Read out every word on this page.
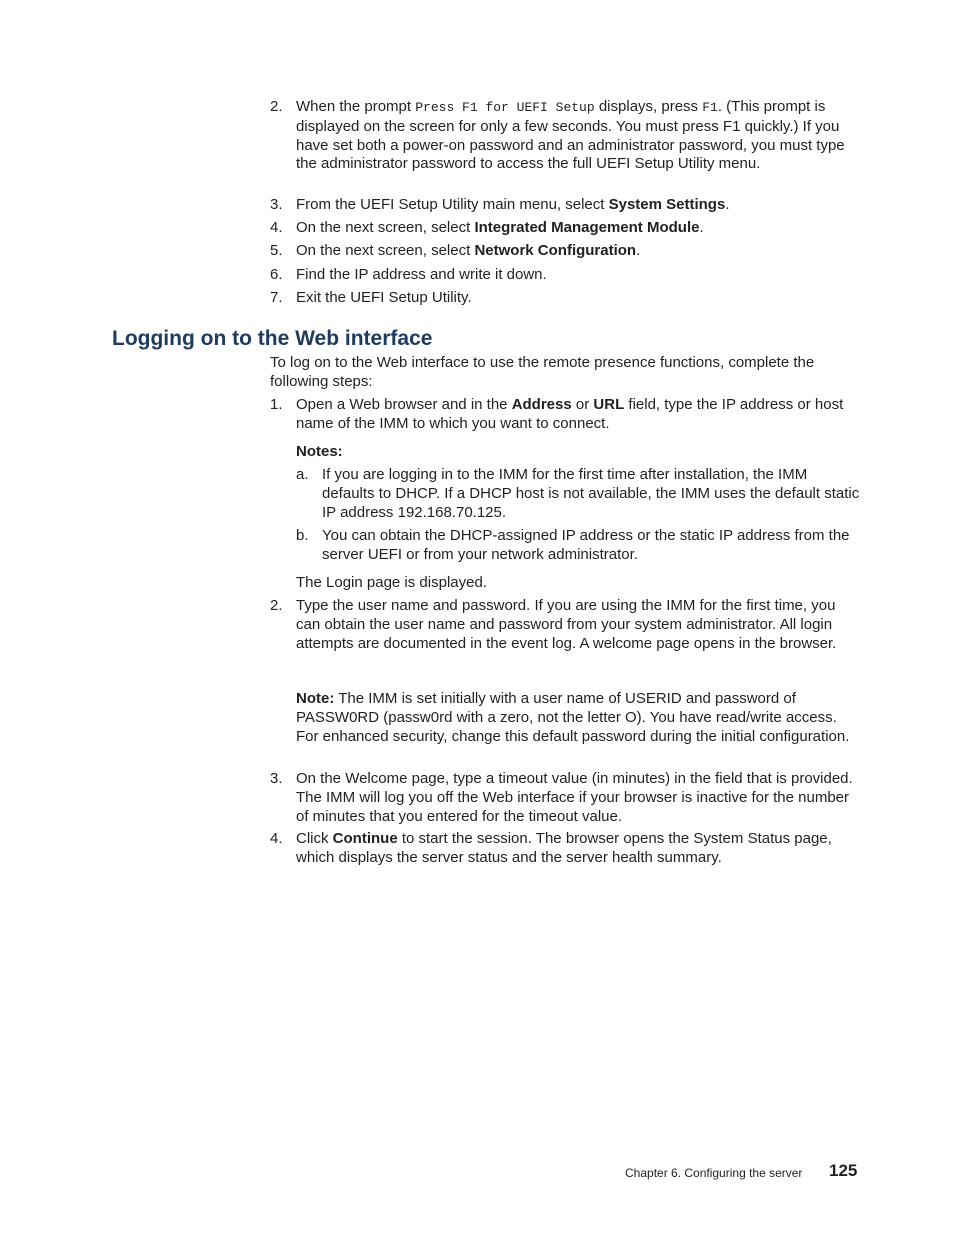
2. When the prompt Press F1 for UEFI Setup displays, press F1. (This prompt is displayed on the screen for only a few seconds. You must press F1 quickly.) If you have set both a power-on password and an administrator password, you must type the administrator password to access the full UEFI Setup Utility menu.
3. From the UEFI Setup Utility main menu, select System Settings.
4. On the next screen, select Integrated Management Module.
5. On the next screen, select Network Configuration.
6. Find the IP address and write it down.
7. Exit the UEFI Setup Utility.
Logging on to the Web interface
To log on to the Web interface to use the remote presence functions, complete the following steps:
1. Open a Web browser and in the Address or URL field, type the IP address or host name of the IMM to which you want to connect.
Notes:
a. If you are logging in to the IMM for the first time after installation, the IMM defaults to DHCP. If a DHCP host is not available, the IMM uses the default static IP address 192.168.70.125.
b. You can obtain the DHCP-assigned IP address or the static IP address from the server UEFI or from your network administrator.
The Login page is displayed.
2. Type the user name and password. If you are using the IMM for the first time, you can obtain the user name and password from your system administrator. All login attempts are documented in the event log. A welcome page opens in the browser.
Note: The IMM is set initially with a user name of USERID and password of PASSW0RD (passw0rd with a zero, not the letter O). You have read/write access. For enhanced security, change this default password during the initial configuration.
3. On the Welcome page, type a timeout value (in minutes) in the field that is provided. The IMM will log you off the Web interface if your browser is inactive for the number of minutes that you entered for the timeout value.
4. Click Continue to start the session. The browser opens the System Status page, which displays the server status and the server health summary.
Chapter 6. Configuring the server 125
